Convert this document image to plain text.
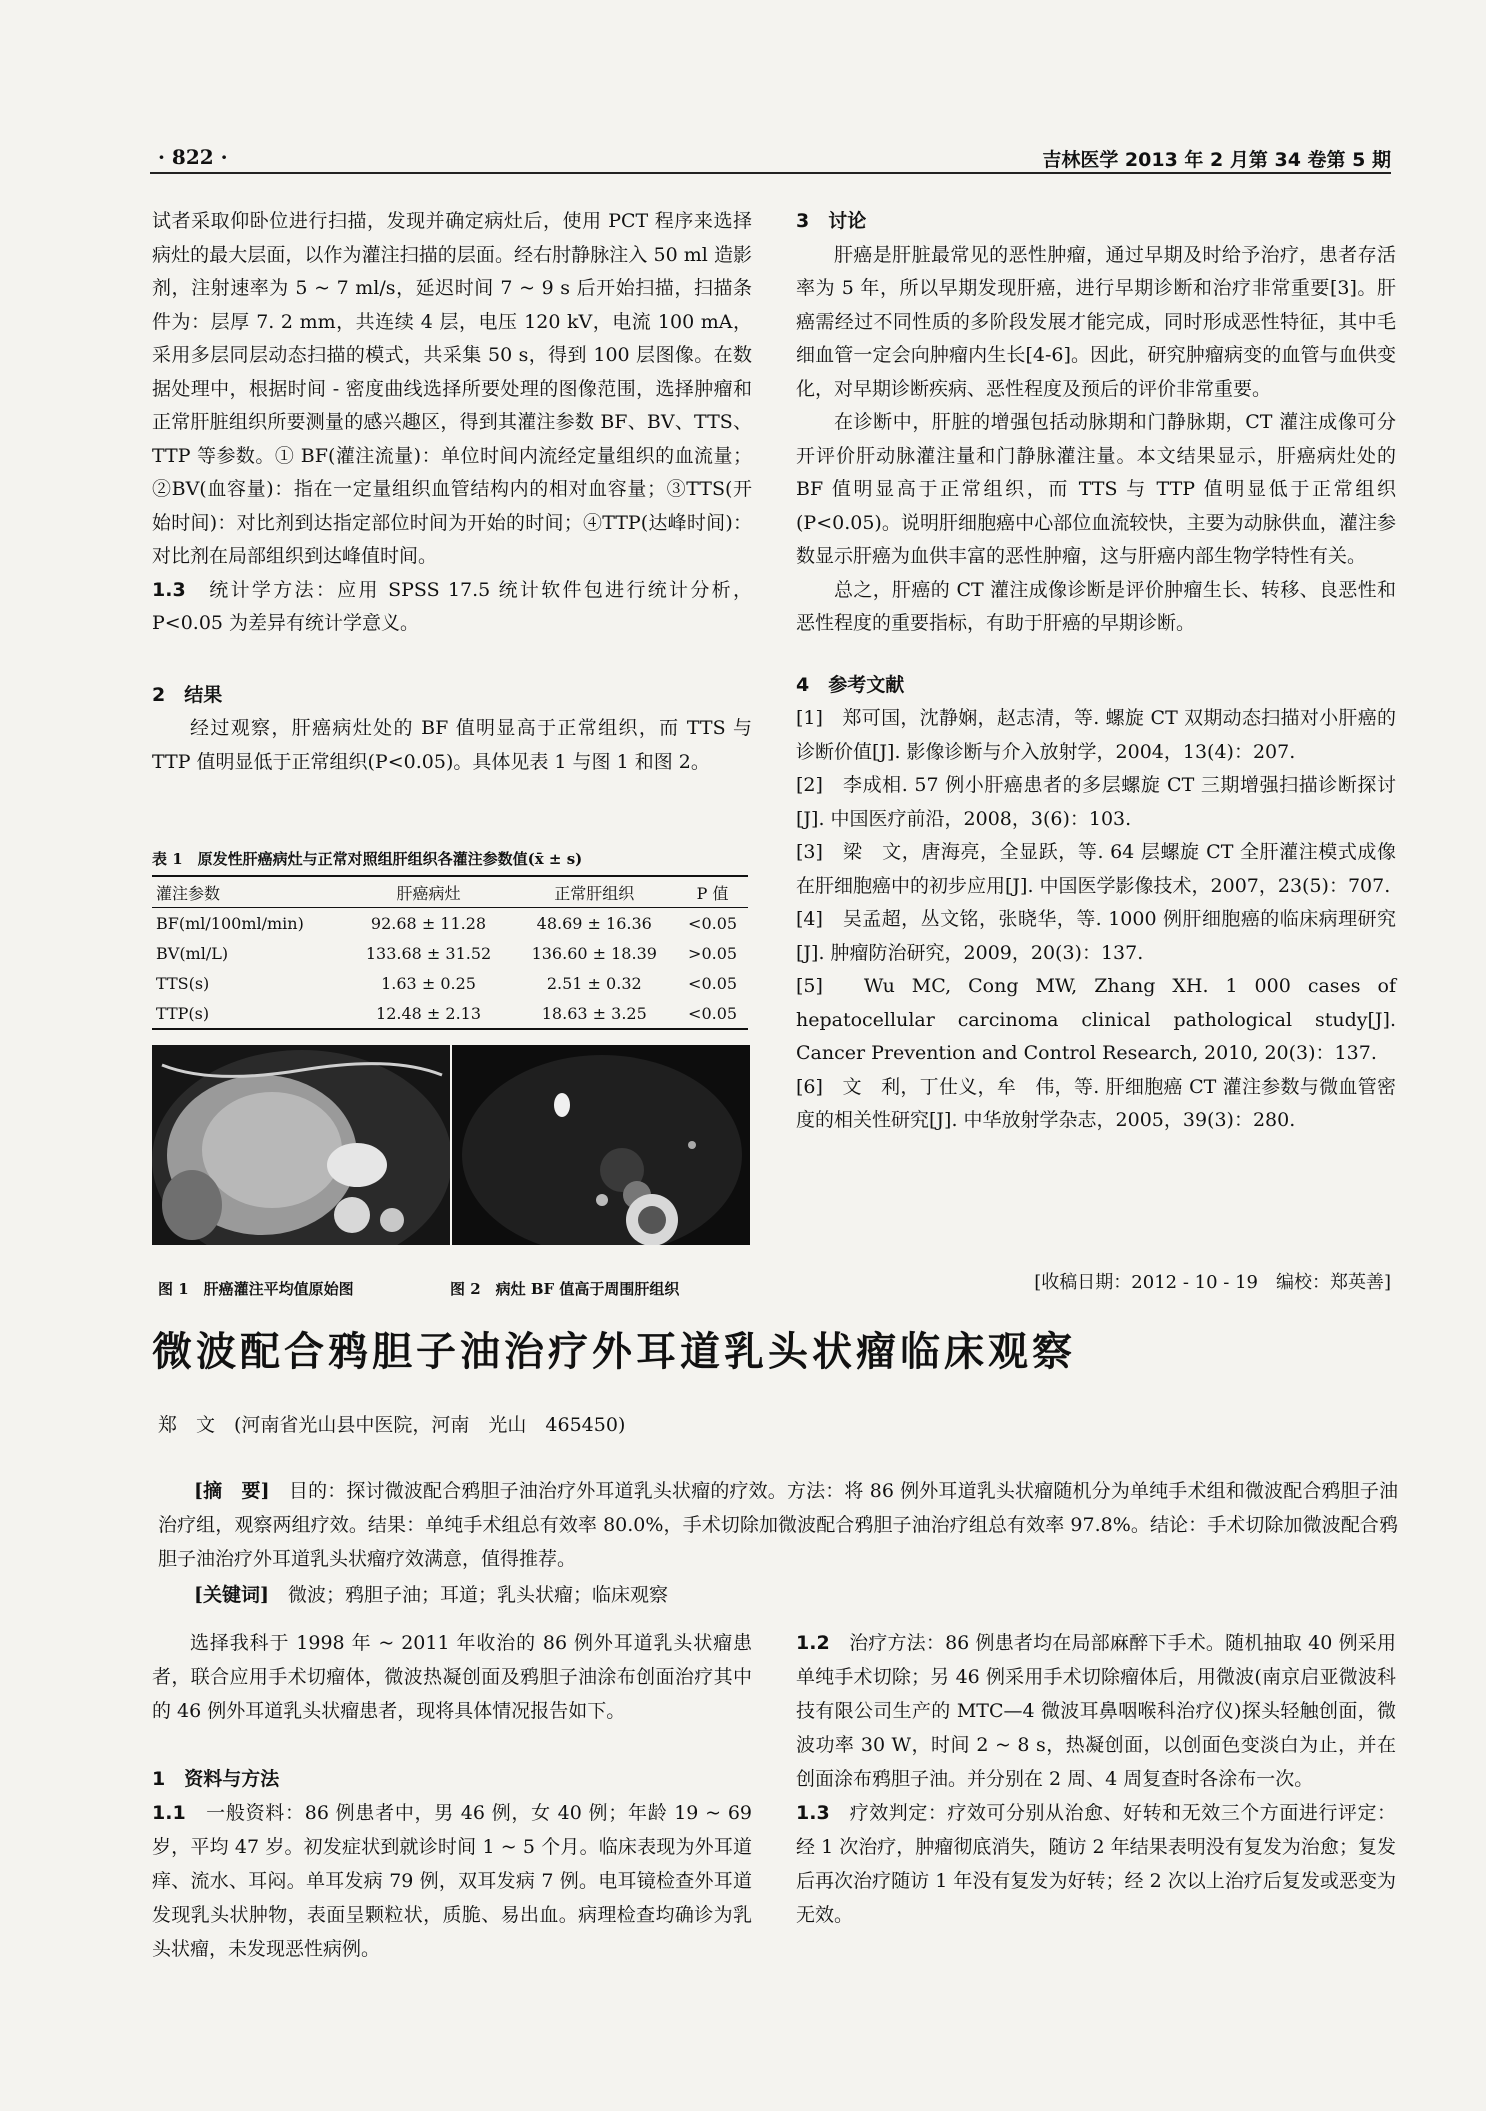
· 822 ·	吉林医学 2013 年 2 月第 34 卷第 5 期

试者采取仰卧位进行扫描，发现并确定病灶后，使用 PCT 程序来选择病灶的最大层面，以作为灌注扫描的层面。经右肘静脉注入 50 ml 造影剂，注射速率为 5 ~ 7 ml/s，延迟时间 7 ~ 9 s 后开始扫描，扫描条件为：层厚 7. 2 mm，共连续 4 层，电压 120 kV，电流 100 mA，采用多层同层动态扫描的模式，共采集 50 s，得到 100 层图像。在数据处理中，根据时间 - 密度曲线选择所要处理的图像范围，选择肿瘤和正常肝脏组织所要测量的感兴趣区，得到其灌注参数 BF、BV、TTS、TTP 等参数。① BF(灌注流量)：单位时间内流经定量组织的血流量；②BV(血容量)：指在一定量组织血管结构内的相对血容量；③TTS(开始时间)：对比剂到达指定部位时间为开始的时间；④TTP(达峰时间)：对比剂在局部组织到达峰值时间。

1.3　 统计学方法：应用 SPSS 17.5 统计软件包进行统计分析，P<0.05 为差异有统计学意义。

2　结果

经过观察，肝癌病灶处的 BF 值明显高于正常组织，而 TTS 与 TTP 值明显低于正常组织(P<0.05)。具体见表 1 与图 1 和图 2。

表 1　原发性肝癌病灶与正常对照组肝组织各灌注参数值(x̄ ± s)
灌注参数	肝癌病灶	正常肝组织	P 值
BF(ml/100ml/min)	92.68 ± 11.28	48.69 ± 16.36	<0.05
BV(ml/L)	133.68 ± 31.52	136.60 ± 18.39	>0.05
TTS(s)	1.63 ± 0.25	2.51 ± 0.32	<0.05
TTP(s)	12.48 ± 2.13	18.63 ± 3.25	<0.05
图 1　肝癌灌注平均值原始图	图 2　病灶 BF 值高于周围肝组织

3　讨论

肝癌是肝脏最常见的恶性肿瘤，通过早期及时给予治疗，患者存活率为 5 年，所以早期发现肝癌，进行早期诊断和治疗非常重要[3]。肝癌需经过不同性质的多阶段发展才能完成，同时形成恶性特征，其中毛细血管一定会向肿瘤内生长[4-6]。因此，研究肿瘤病变的血管与血供变化，对早期诊断疾病、恶性程度及预后的评价非常重要。

在诊断中，肝脏的增强包括动脉期和门静脉期，CT 灌注成像可分开评价肝动脉灌注量和门静脉灌注量。本文结果显示，肝癌病灶处的 BF 值明显高于正常组织，而 TTS 与 TTP 值明显低于正常组织(P<0.05)。说明肝细胞癌中心部位血流较快，主要为动脉供血，灌注参数显示肝癌为血供丰富的恶性肿瘤，这与肝癌内部生物学特性有关。

总之，肝癌的 CT 灌注成像诊断是评价肿瘤生长、转移、良恶性和恶性程度的重要指标，有助于肝癌的早期诊断。

4　参考文献

[1]　郑可国，沈静娴，赵志清，等. 螺旋 CT 双期动态扫描对小肝癌的诊断价值[J]. 影像诊断与介入放射学，2004，13(4)：207.

[2]　李成相. 57 例小肝癌患者的多层螺旋 CT 三期增强扫描诊断探讨[J]. 中国医疗前沿，2008，3(6)：103.

[3]　梁　文，唐海亮，全显跃，等. 64 层螺旋 CT 全肝灌注模式成像在肝细胞癌中的初步应用[J]. 中国医学影像技术，2007，23(5)：707.

[4]　吴孟超，丛文铭，张晓华，等. 1000 例肝细胞癌的临床病理研究[J]. 肿瘤防治研究，2009，20(3)：137.

[5]　Wu MC, Cong MW, Zhang XH. 1 000 cases of hepatocellular carcinoma clinical pathological study[J]. Cancer Prevention and Control Research, 2010, 20(3)：137.

[6]　文　利，丁仕义，牟　伟，等. 肝细胞癌 CT 灌注参数与微血管密度的相关性研究[J]. 中华放射学杂志，2005，39(3)：280.

[收稿日期：2012 - 10 - 19　编校：郑英善]
微波配合鸦胆子油治疗外耳道乳头状瘤临床观察
郑　文　(河南省光山县中医院，河南　光山　465450)
[摘　要]　 目的：探讨微波配合鸦胆子油治疗外耳道乳头状瘤的疗效。方法：将 86 例外耳道乳头状瘤随机分为单纯手术组和微波配合鸦胆子油治疗组，观察两组疗效。结果：单纯手术组总有效率 80.0%，手术切除加微波配合鸦胆子油治疗组总有效率 97.8%。结论：手术切除加微波配合鸦胆子油治疗外耳道乳头状瘤疗效满意，值得推荐。
[关键词]　 微波；鸦胆子油；耳道；乳头状瘤；临床观察

选择我科于 1998 年 ~ 2011 年收治的 86 例外耳道乳头状瘤患者，联合应用手术切瘤体，微波热凝创面及鸦胆子油涂布创面治疗其中的 46 例外耳道乳头状瘤患者，现将具体情况报告如下。

1　资料与方法

1.1　 一般资料：86 例患者中，男 46 例，女 40 例；年龄 19 ~ 69 岁，平均 47 岁。初发症状到就诊时间 1 ~ 5 个月。临床表现为外耳道痒、流水、耳闷。单耳发病 79 例，双耳发病 7 例。电耳镜检查外耳道发现乳头状肿物，表面呈颗粒状，质脆、易出血。病理检查均确诊为乳头状瘤，未发现恶性病例。

1.2　 治疗方法：86 例患者均在局部麻醉下手术。随机抽取 40 例采用单纯手术切除；另 46 例采用手术切除瘤体后，用微波(南京启亚微波科技有限公司生产的 MTC—4 微波耳鼻咽喉科治疗仪)探头轻触创面，微波功率 30 W，时间 2 ~ 8 s，热凝创面，以创面色变淡白为止，并在创面涂布鸦胆子油。并分别在 2 周、4 周复查时各涂布一次。

1.3　 疗效判定：疗效可分别从治愈、好转和无效三个方面进行评定：经 1 次治疗，肿瘤彻底消失，随访 2 年结果表明没有复发为治愈；复发后再次治疗随访 1 年没有复发为好转；经 2 次以上治疗后复发或恶变为无效。
